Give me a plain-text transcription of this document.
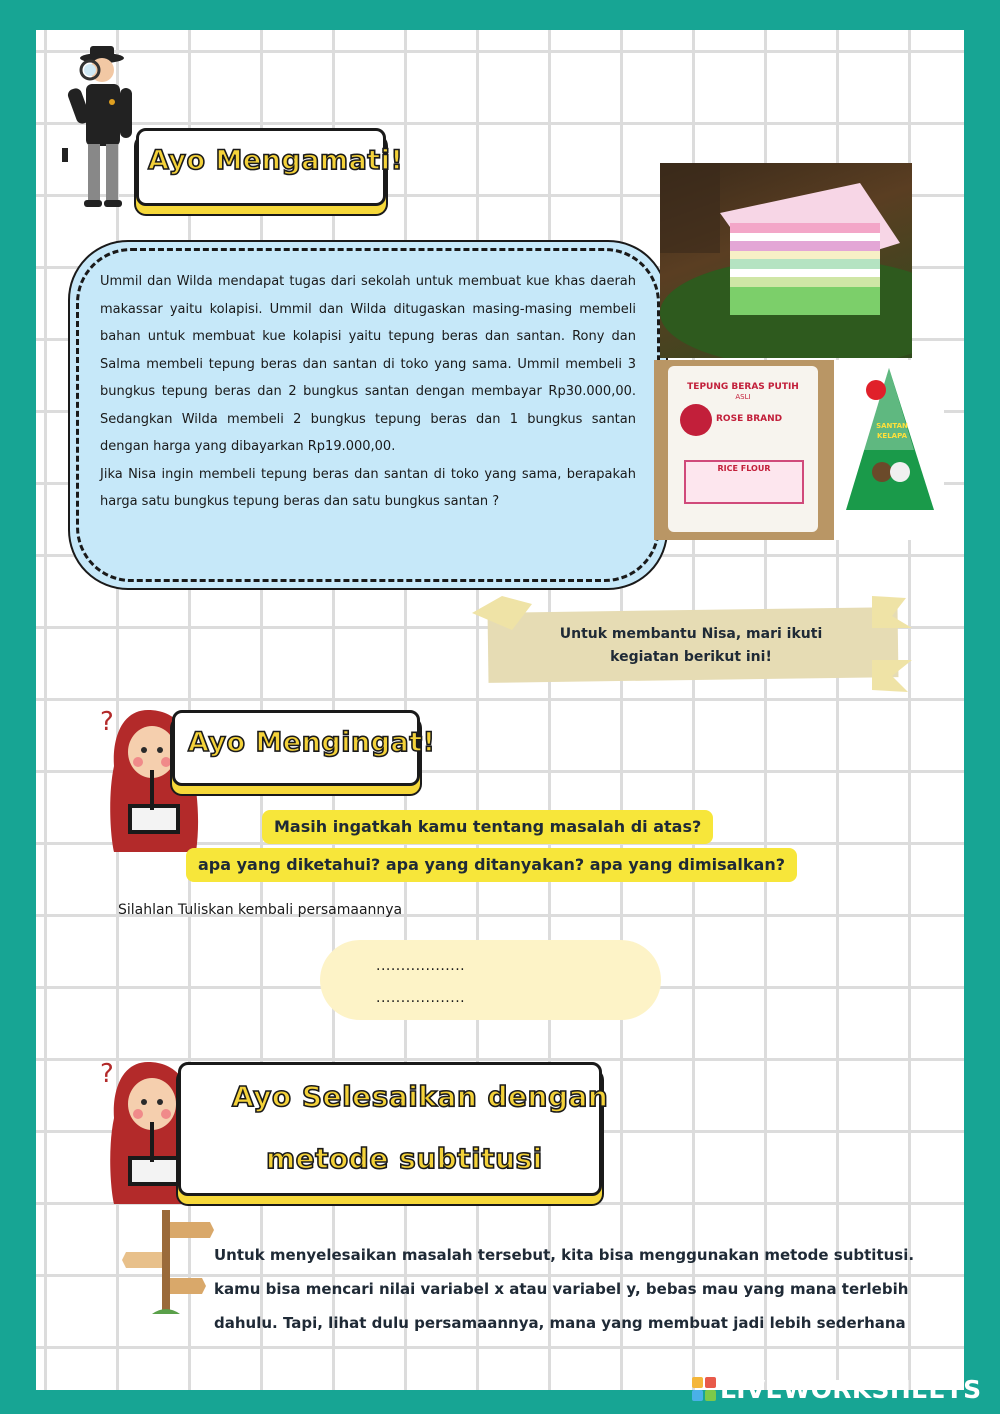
Ayo Mengamati!

Ummil dan Wilda mendapat tugas dari sekolah untuk membuat kue khas daerah makassar yaitu kolapisi. Ummil dan Wilda ditugaskan masing-masing membeli bahan untuk membuat kue kolapisi yaitu tepung beras dan santan. Rony dan Salma membeli tepung beras dan santan di toko yang sama. Ummil membeli 3 bungkus tepung beras dan 2 bungkus santan dengan membayar Rp30.000,00. Sedangkan Wilda membeli 2 bungkus tepung beras dan 1 bungkus santan dengan harga yang dibayarkan Rp19.000,00.

Jika Nisa ingin membeli tepung beras dan santan di toko yang sama, berapakah harga satu bungkus tepung beras dan satu bungkus santan ?

TEPUNG BERAS PUTIH
ASLI
ROSE BRAND
RICE FLOUR
SANTAN
KELAPA
Untuk membantu Nisa, mari ikuti
kegiatan berikut ini!
?
Ayo Mengingat!
Masih ingatkah kamu tentang masalah di atas?
apa yang diketahui? apa yang ditanyakan? apa yang dimisalkan?
Silahlan Tuliskan kembali persamaannya
..................
..................
?
Ayo Selesaikan dengan
metode subtitusi
Untuk menyelesaikan masalah tersebut, kita bisa menggunakan metode subtitusi.
kamu bisa mencari nilai variabel x atau variabel y, bebas mau yang mana terlebih
dahulu. Tapi, lihat dulu persamaannya, mana yang membuat jadi lebih sederhana
LIVEWORKSHEETS
